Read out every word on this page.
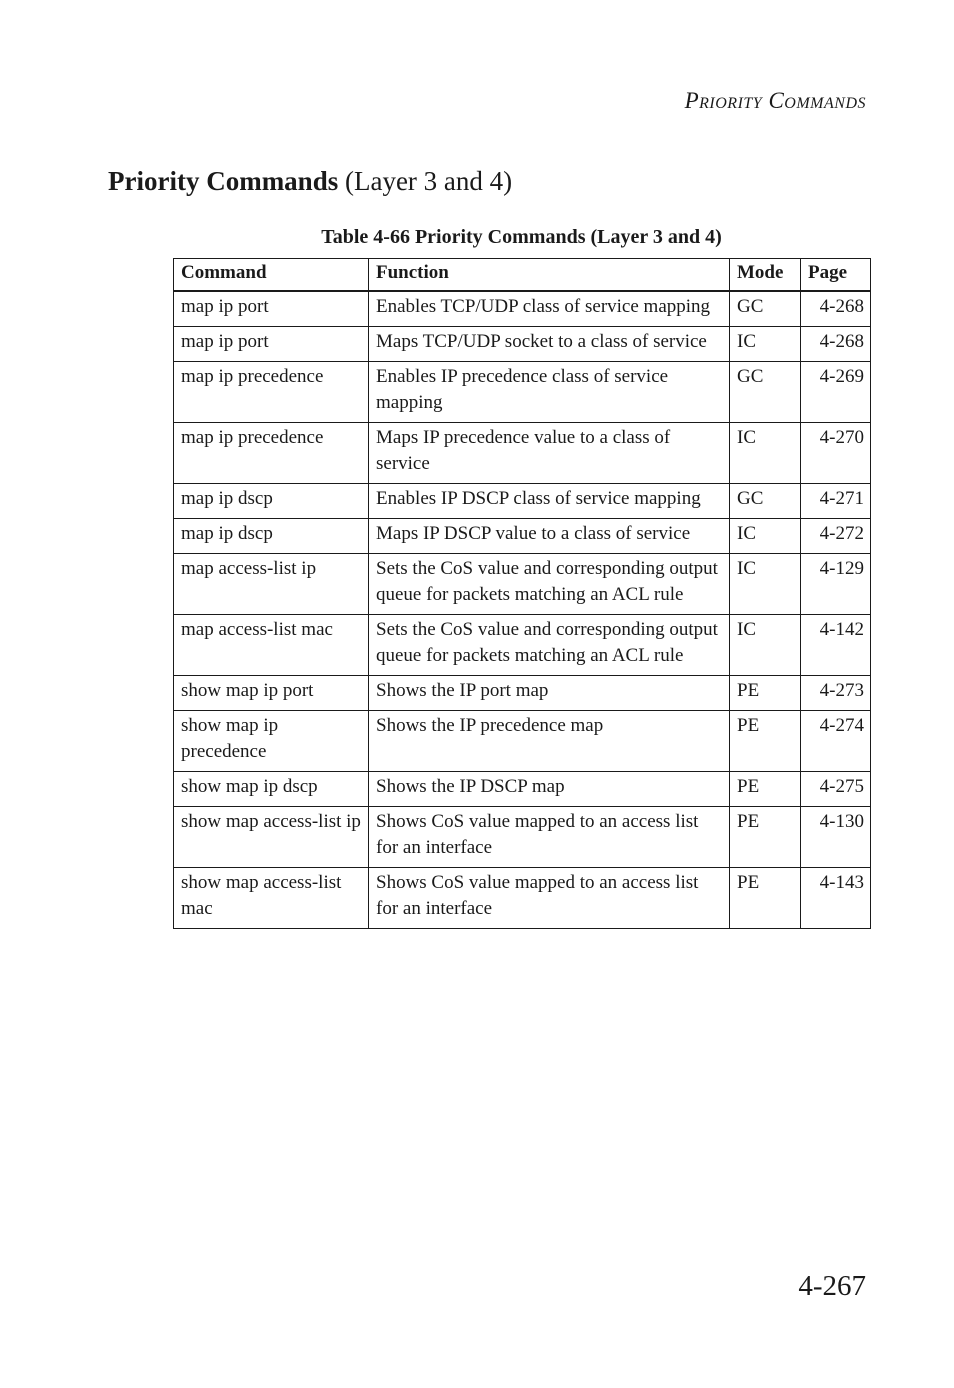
Priority Commands
Priority Commands (Layer 3 and 4)
Table 4-66 Priority Commands (Layer 3 and 4)
Command	Function	Mode	Page
map ip port	Enables TCP/UDP class of service mapping	GC	4-268
map ip port	Maps TCP/UDP socket to a class of service	IC	4-268
map ip precedence	Enables IP precedence class of service mapping	GC	4-269
map ip precedence	Maps IP precedence value to a class of service	IC	4-270
map ip dscp	Enables IP DSCP class of service mapping	GC	4-271
map ip dscp	Maps IP DSCP value to a class of service	IC	4-272
map access-list ip	Sets the CoS value and corresponding output queue for packets matching an ACL rule	IC	4-129
map access-list mac	Sets the CoS value and corresponding output queue for packets matching an ACL rule	IC	4-142
show map ip port	Shows the IP port map	PE	4-273
show map ip precedence	Shows the IP precedence map	PE	4-274
show map ip dscp	Shows the IP DSCP map	PE	4-275
show map access-list ip	Shows CoS value mapped to an access list for an interface	PE	4-130
show map access-list mac	Shows CoS value mapped to an access list for an interface	PE	4-143
4-267
